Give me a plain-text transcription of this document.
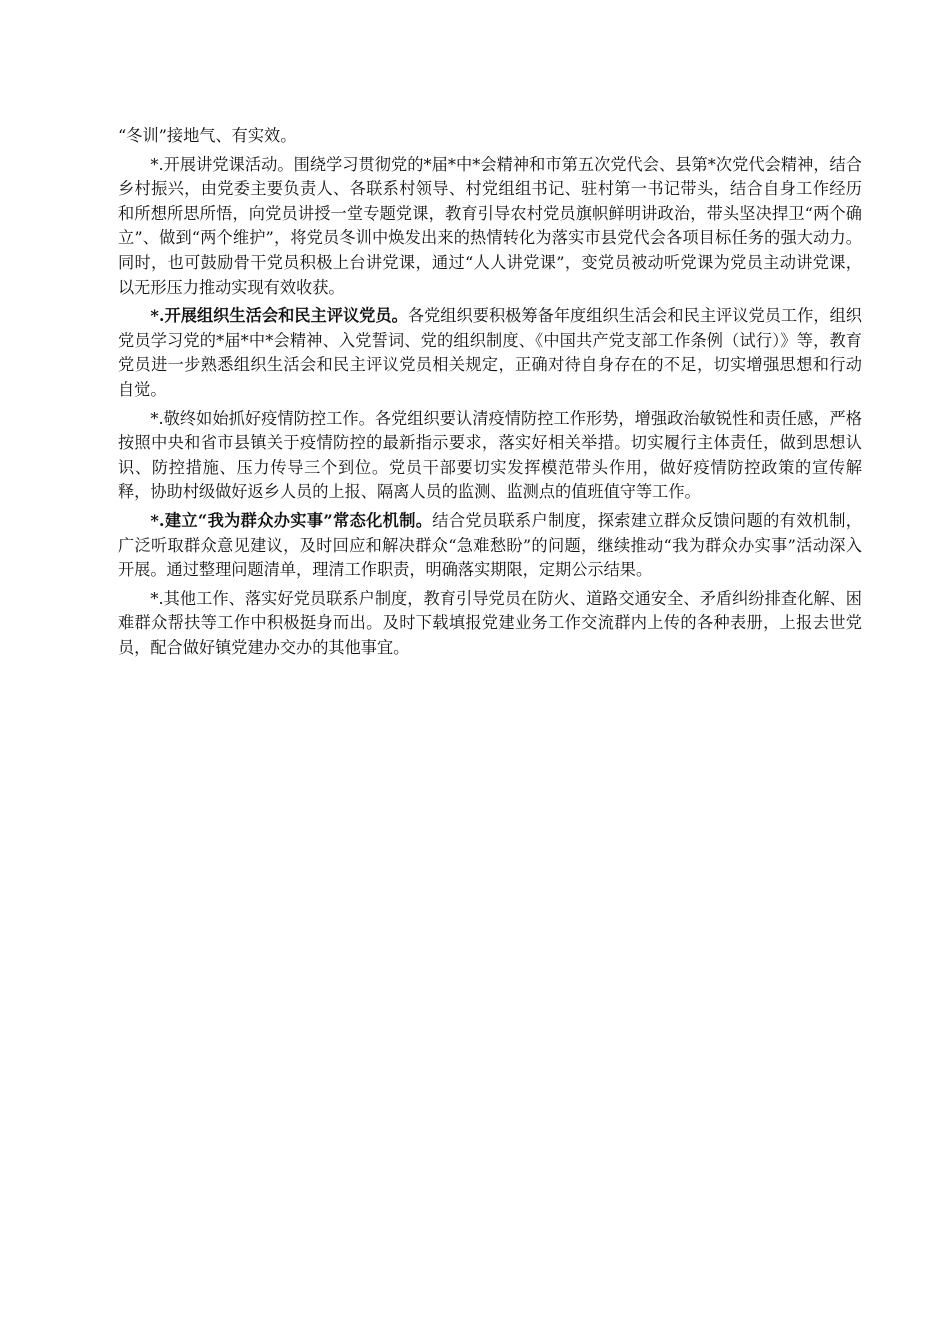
“冬训”接地气、有实效。

*.开展讲党课活动。围绕学习贯彻党的*届*中*会精神和市第五次党代会、县第*次党代会精神，结合乡村振兴，由党委主要负责人、各联系村领导、村党组组书记、驻村第一书记带头，结合自身工作经历和所想所思所悟，向党员讲授一堂专题党课，教育引导农村党员旗帜鲜明讲政治，带头坚决捍卫“两个确立”、做到“两个维护”，将党员冬训中焕发出来的热情转化为落实市县党代会各项目标任务的强大动力。同时，也可鼓励骨干党员积极上台讲党课，通过“人人讲党课”，变党员被动听党课为党员主动讲党课，以无形压力推动实现有效收获。

*.开展组织生活会和民主评议党员。各党组织要积极筹备年度组织生活会和民主评议党员工作，组织党员学习党的*届*中*会精神、入党誓词、党的组织制度、《中国共产党支部工作条例（试行）》等，教育党员进一步熟悉组织生活会和民主评议党员相关规定，正确对待自身存在的不足，切实增强思想和行动自觉。

*.敬终如始抓好疫情防控工作。各党组织要认清疫情防控工作形势，增强政治敏锐性和责任感，严格按照中央和省市县镇关于疫情防控的最新指示要求，落实好相关举措。切实履行主体责任，做到思想认识、防控措施、压力传导三个到位。党员干部要切实发挥模范带头作用，做好疫情防控政策的宣传解释，协助村级做好返乡人员的上报、隔离人员的监测、监测点的值班值守等工作。

*.建立“我为群众办实事”常态化机制。结合党员联系户制度，探索建立群众反馈问题的有效机制，广泛听取群众意见建议，及时回应和解决群众“急难愁盼”的问题，继续推动“我为群众办实事”活动深入开展。通过整理问题清单，理清工作职责，明确落实期限，定期公示结果。

*.其他工作、落实好党员联系户制度，教育引导党员在防火、道路交通安全、矛盾纠纷排查化解、困难群众帮扶等工作中积极挺身而出。及时下载填报党建业务工作交流群内上传的各种表册，上报去世党员，配合做好镇党建办交办的其他事宜。
